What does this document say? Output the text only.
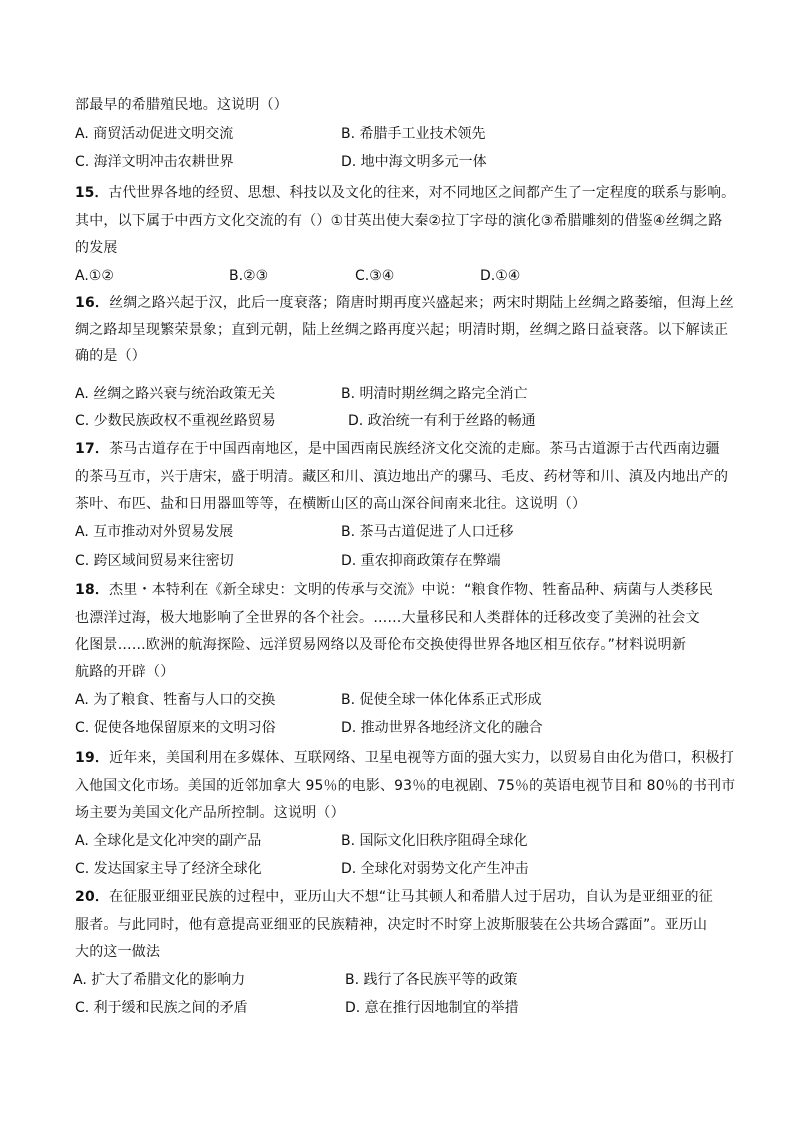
部最早的希腊殖民地。这说明（）
A. 商贸活动促进文明交流	B. 希腊手工业技术领先
C. 海洋文明冲击农耕世界	D. 地中海文明多元一体
15．古代世界各地的经贸、思想、科技以及文化的往来，对不同地区之间都产生了一定程度的联系与影响。
其中，以下属于中西方文化交流的有（）①甘英出使大秦②拉丁字母的演化③希腊雕刻的借鉴④丝绸之路
的发展
A.①②	B.②③	C.③④	D.①④
16．丝绸之路兴起于汉，此后一度衰落；隋唐时期再度兴盛起来；两宋时期陆上丝绸之路萎缩，但海上丝
绸之路却呈现繁荣景象；直到元朝，陆上丝绸之路再度兴起；明清时期，丝绸之路日益衰落。以下解读正
确的是（）
A. 丝绸之路兴衰与统治政策无关	B. 明清时期丝绸之路完全消亡
C. 少数民族政权不重视丝路贸易	D. 政治统一有利于丝路的畅通
17．茶马古道存在于中国西南地区，是中国西南民族经济文化交流的走廊。茶马古道源于古代西南边疆
的茶马互市，兴于唐宋，盛于明清。藏区和川、滇边地出产的骡马、毛皮、药材等和川、滇及内地出产的
茶叶、布匹、盐和日用器皿等等，在横断山区的高山深谷间南来北往。这说明（）
A. 互市推动对外贸易发展	B. 茶马古道促进了人口迁移
C. 跨区域间贸易来往密切	D. 重农抑商政策存在弊端
18．杰里・本特利在《新全球史：文明的传承与交流》中说：“粮食作物、牲畜品种、病菌与人类移民
也漂洋过海，极大地影响了全世界的各个社会。……大量移民和人类群体的迁移改变了美洲的社会文
化图景……欧洲的航海探险、远洋贸易网络以及哥伦布交换使得世界各地区相互依存。”材料说明新
航路的开辟（）
A. 为了粮食、牲畜与人口的交换	B. 促使全球一体化体系正式形成
C. 促使各地保留原来的文明习俗	D. 推动世界各地经济文化的融合
19．近年来，美国利用在多媒体、互联网络、卫星电视等方面的强大实力，以贸易自由化为借口，积极打
入他国文化市场。美国的近邻加拿大 95％的电影、93％的电视剧、75％的英语电视节目和 80％的书刊市
场主要为美国文化产品所控制。这说明（）
A. 全球化是文化冲突的副产品	B. 国际文化旧秩序阻碍全球化
C. 发达国家主导了经济全球化	D. 全球化对弱势文化产生冲击
20．在征服亚细亚民族的过程中，亚历山大不想“让马其顿人和希腊人过于居功，自认为是亚细亚的征
服者。与此同时，他有意提高亚细亚的民族精神，决定时不时穿上波斯服装在公共场合露面”。亚历山
大的这一做法
A. 扩大了希腊文化的影响力	B. 践行了各民族平等的政策
C. 利于缓和民族之间的矛盾	D. 意在推行因地制宜的举措
